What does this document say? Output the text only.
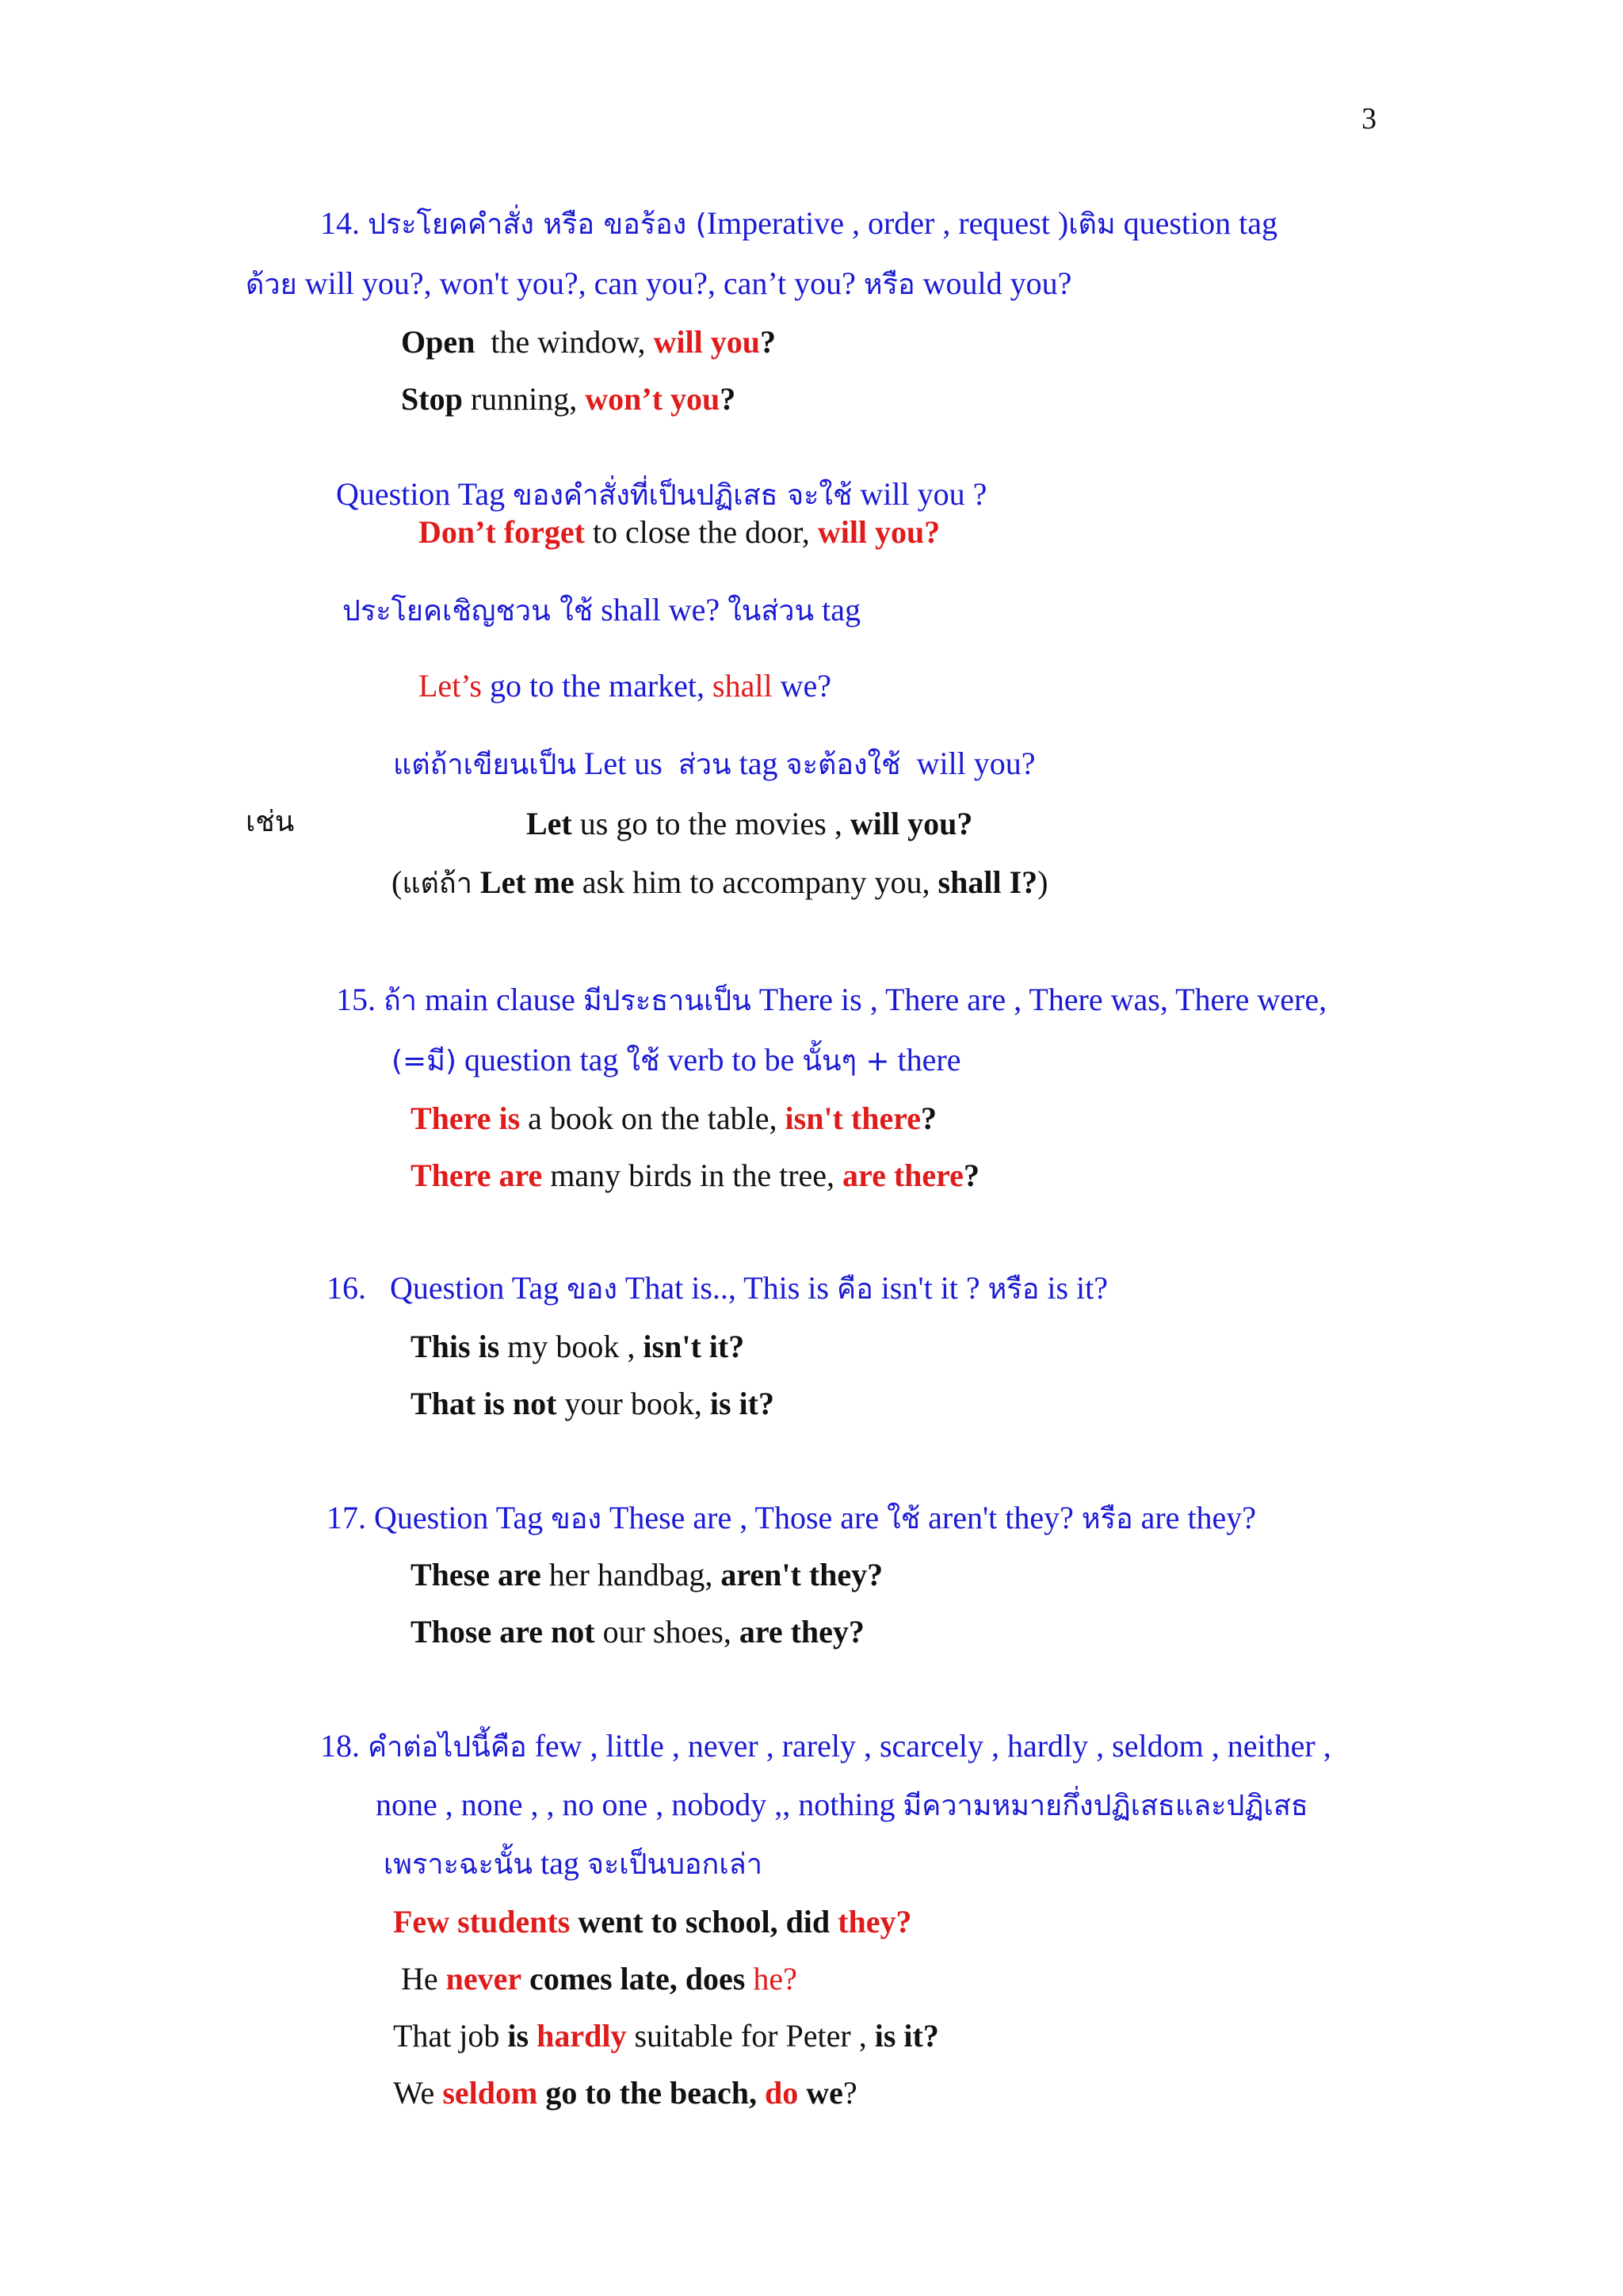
3
14. ประโยคคำสั่ง หรือ ขอร้อง (Imperative , order , request )เติม question tag
ด้วย will you?, won't you?, can you?, can’t you? หรือ would you?
Open the window, will you?
Stop running, won’t you?
Question Tag ของคำสั่งที่เป็นปฏิเสธ จะใช้ will you ?
Don’t forget to close the door, will you?
ประโยคเชิญชวน ใช้ shall we? ในส่วน tag
Let’s go to the market, shall we?
แต่ถ้าเขียนเป็น Let us ส่วน tag จะต้องใช้ will you?
เช่น	Let us go to the movies , will you?
(แต่ถ้า Let me ask him to accompany you, shall I?)
15. ถ้า main clause มีประธานเป็น There is , There are , There was, There were,
(=มี) question tag ใช้ verb to be นั้นๆ + there
There is a book on the table, isn't there?
There are many birds in the tree, are there?
16. Question Tag ของ That is.., This is คือ isn't it ? หรือ is it?
This is my book , isn't it?
That is not your book, is it?
17. Question Tag ของ These are , Those are ใช้ aren't they? หรือ are they?
These are her handbag, aren't they?
Those are not our shoes, are they?
18. คำต่อไปนี้คือ few , little , never , rarely , scarcely , hardly , seldom , neither ,
none , none , , no one , nobody ,, nothing มีความหมายกึ่งปฏิเสธและปฏิเสธ
เพราะฉะนั้น tag จะเป็นบอกเล่า
Few students went to school, did they?
He never comes late, does he?
That job is hardly suitable for Peter , is it?
We seldom go to the beach, do we?
